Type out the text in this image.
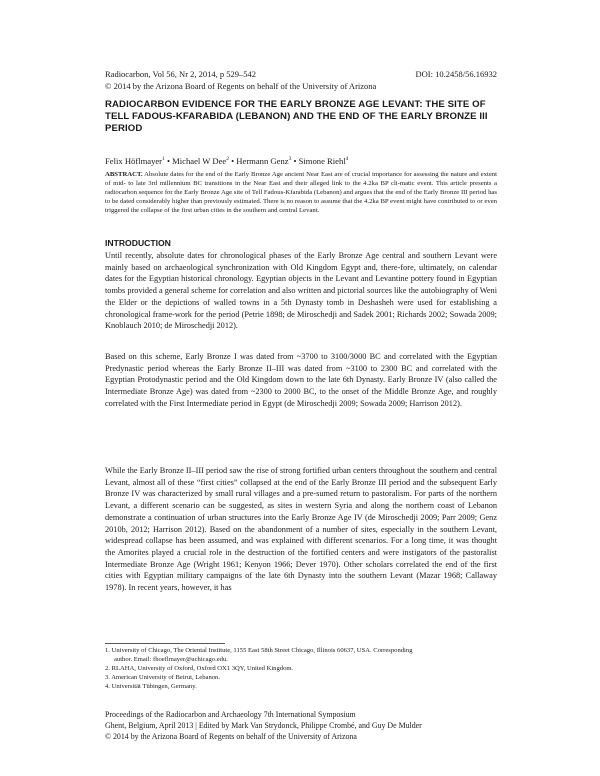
Radiocarbon, Vol 56, Nr 2, 2014, p 529–542	DOI: 10.2458/56.16932
© 2014 by the Arizona Board of Regents on behalf of the University of Arizona
RADIOCARBON EVIDENCE FOR THE EARLY BRONZE AGE LEVANT: THE SITE OF
TELL FADOUS-KFARABIDA (LEBANON) AND THE END OF THE EARLY BRONZE III
PERIOD
Felix Höflmayer$^1$ • Michael W Dee$^2$ • Hermann Genz$^3$ • Simone Riehl$^4$
ABSTRACT. Absolute dates for the end of the Early Bronze Age ancient Near East are of crucial importance for assessing the nature and extent of mid- to late 3rd millennium BC transitions in the Near East and their alleged link to the 4.2ka BP cli-matic event. This article presents a radiocarbon sequence for the Early Bronze Age site of Tell Fadous-Kfarabida (Lebanon) and argues that the end of the Early Bronze III period has to be dated considerably higher than previously estimated. There is no reason to assume that the 4.2ka BP event might have contributed to or even triggered the collapse of the first urban cities in the southern and central Levant.
INTRODUCTION

Until recently, absolute dates for chronological phases of the Early Bronze Age central and southern Levant were mainly based on archaeological synchronization with Old Kingdom Egypt and, there-fore, ultimately, on calendar dates for the Egyptian historical chronology. Egyptian objects in the Levant and Levantine pottery found in Egyptian tombs provided a general scheme for correlation and also written and pictorial sources like the autobiography of Weni the Elder or the depictions of walled towns in a 5th Dynasty tomb in Deshasheh were used for establishing a chronological frame-work for the period (Petrie 1898; de Miroschedji and Sadek 2001; Richards 2002; Sowada 2009; Knoblauch 2010; de Miroschedji 2012).

Based on this scheme, Early Bronze I was dated from ~3700 to 3100/3000 BC and correlated with the Egyptian Predynastic period whereas the Early Bronze II–III was dated from ~3100 to 2300 BC and correlated with the Egyptian Protodynastic period and the Old Kingdom down to the late 6th Dynasty. Early Bronze IV (also called the Intermediate Bronze Age) was dated from ~2300 to 2000 BC, to the onset of the Middle Bronze Age, and roughly correlated with the First Intermediate period in Egypt (de Miroschedji 2009; Sowada 2009; Harrison 2012).

While the Early Bronze II–III period saw the rise of strong fortified urban centers throughout the southern and central Levant, almost all of these “first cities” collapsed at the end of the Early Bronze III period and the subsequent Early Bronze IV was characterized by small rural villages and a pre-sumed return to pastoralism. For parts of the northern Levant, a different scenario can be suggested, as sites in western Syria and along the northern coast of Lebanon demonstrate a continuation of urban structures into the Early Bronze Age IV (de Miroschedji 2009; Parr 2009; Genz 2010b, 2012; Harrison 2012). Based on the abandonment of a number of sites, especially in the southern Levant, widespread collapse has been assumed, and was explained with different scenarios. For a long time, it was thought the Amorites played a crucial role in the destruction of the fortified centers and were instigators of the pastoralist Intermediate Bronze Age (Wright 1961; Kenyon 1966; Dever 1970). Other scholars correlated the end of the first cities with Egyptian military campaigns of the late 6th Dynasty into the southern Levant (Mazar 1968; Callaway 1978). In recent years, however, it has

1. University of Chicago, The Oriental Institute, 1155 East 58th Street Chicago, Illinois 60637, USA. Corresponding
author. Email: fhoeflmayer@uchicago.edu.
2. RLAHA, University of Oxford, Oxford OX1 3QY, United Kingdom.
3. American University of Beirut, Lebanon.
4. Universität Tübingen, Germany.
Proceedings of the Radiocarbon and Archaeology 7th International Symposium
Ghent, Belgium, April 2013 | Edited by Mark Van Strydonck, Philippe Crombé, and Guy De Mulder
© 2014 by the Arizona Board of Regents on behalf of the University of Arizona
